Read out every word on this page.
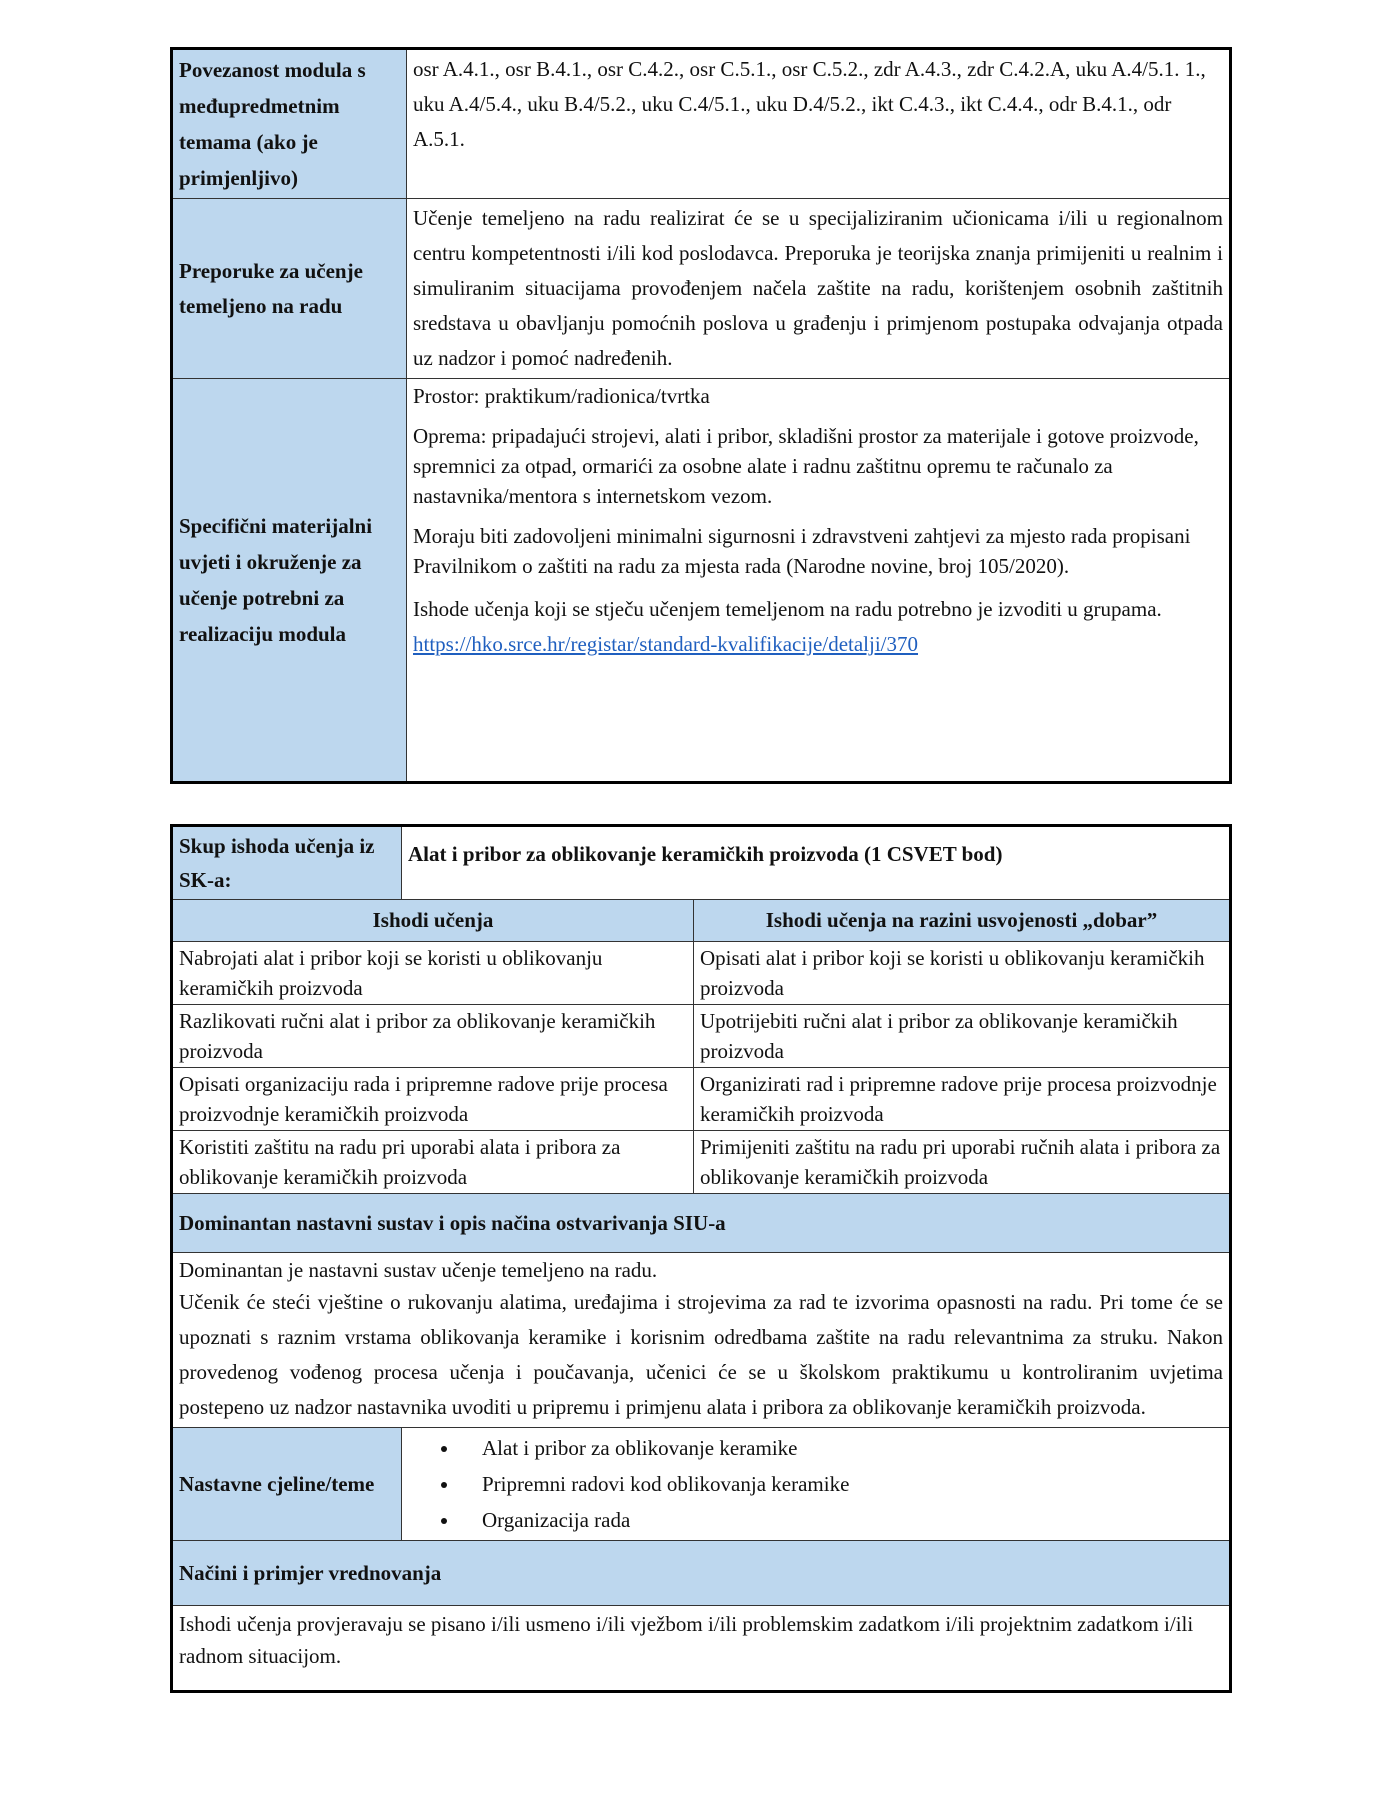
Povezanost modula s međupredmetnim temama (ako je primjenljivo)	osr A.4.1., osr B.4.1., osr C.4.2., osr C.5.1., osr C.5.2., zdr A.4.3., zdr C.4.2.A, uku A.4/5.1. 1., uku A.4/5.4., uku B.4/5.2., uku C.4/5.1., uku D.4/5.2., ikt C.4.3., ikt C.4.4., odr B.4.1., odr A.5.1.
Preporuke za učenje temeljeno na radu	Učenje temeljeno na radu realizirat će se u specijaliziranim učionicama i/ili u regionalnom centru kompetentnosti i/ili kod poslodavca. Preporuka je teorijska znanja primijeniti u realnim i simuliranim situacijama provođenjem načela zaštite na radu, korištenjem osobnih zaštitnih sredstava u obavljanju pomoćnih poslova u građenju i primjenom postupaka odvajanja otpada uz nadzor i pomoć nadređenih.
Specifični materijalni uvjeti i okruženje za učenje potrebni za realizaciju modula	Prostor: praktikum/radionica/tvrtka

Oprema: pripadajući strojevi, alati i pribor, skladišni prostor za materijale i gotove proizvode, spremnici za otpad, ormarići za osobne alate i radnu zaštitnu opremu te računalo za nastavnika/mentora s internetskom vezom.

Moraju biti zadovoljeni minimalni sigurnosni i zdravstveni zahtjevi za mjesto rada propisani Pravilnikom o zaštiti na radu za mjesta rada (Narodne novine, broj 105/2020).

Ishode učenja koji se stječu učenjem temeljenom na radu potrebno je izvoditi u grupama.

https://hko.srce.hr/registar/standard-kvalifikacije/detalji/370
Skup ishoda učenja iz SK-a:	Alat i pribor za oblikovanje keramičkih proizvoda (1 CSVET bod)	
Ishodi učenja		Ishodi učenja na razini usvojenosti „dobar”
Nabrojati alat i pribor koji se koristi u oblikovanju keramičkih proizvoda		Opisati alat i pribor koji se koristi u oblikovanju keramičkih proizvoda
Razlikovati ručni alat i pribor za oblikovanje keramičkih proizvoda		Upotrijebiti ručni alat i pribor za oblikovanje keramičkih proizvoda
Opisati organizaciju rada i pripremne radove prije procesa proizvodnje keramičkih proizvoda		Organizirati rad i pripremne radove prije procesa proizvodnje keramičkih proizvoda
Koristiti zaštitu na radu pri uporabi alata i pribora za oblikovanje keramičkih proizvoda		Primijeniti zaštitu na radu pri uporabi ručnih alata i pribora za oblikovanje keramičkih proizvoda
Dominantan nastavni sustav i opis načina ostvarivanja SIU-a		

Dominantan je nastavni sustav učenje temeljeno na radu.
Učenik će steći vještine o rukovanju alatima, uređajima i strojevima za rad te izvorima opasnosti na radu. Pri tome će se upoznati s raznim vrstama oblikovanja keramike i korisnim odredbama zaštite na radu relevantnima za struku. Nakon provedenog vođenog procesa učenja i poučavanja, učenici će se u školskom praktikumu u kontroliranim uvjetima postepeno uz nadzor nastavnika uvoditi u pripremu i primjenu alata i pribora za oblikovanje keramičkih proizvoda.		

Nastavne cjeline/teme	
• Alat i pribor za oblikovanje keramike
• Pripremni radovi kod oblikovanja keramike
• Organizacija rada

Načini i primjer vrednovanja		
Ishodi učenja provjeravaju se pisano i/ili usmeno i/ili vježbom i/ili problemskim zadatkom i/ili projektnim zadatkom i/ili radnom situacijom.		
